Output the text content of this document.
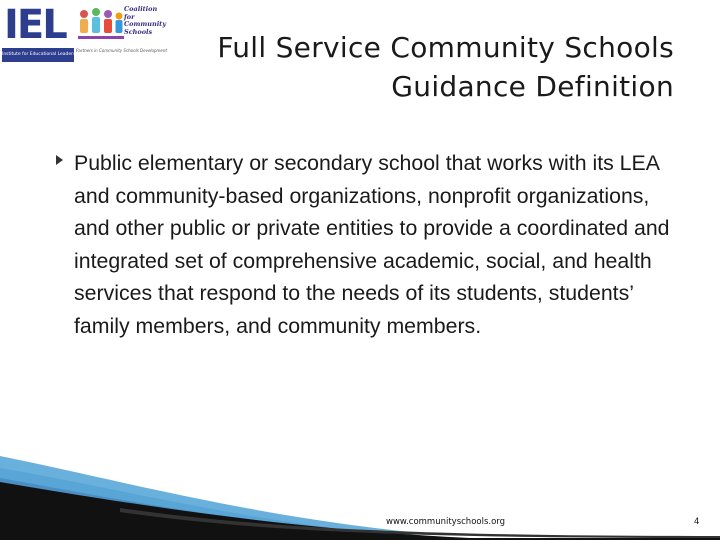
IEL
Institute for Educational Leadership
Coalition for Community Schools
Partners in Community Schools Development	Full Service Community Schools Guidance Definition
Public elementary or secondary school that works with its LEA and community-based organizations, nonprofit organizations, and other public or private entities to provide a coordinated and integrated set of comprehensive academic, social, and health services that respond to the needs of its students, students’ family members, and community members.
www.communityschools.org	4
